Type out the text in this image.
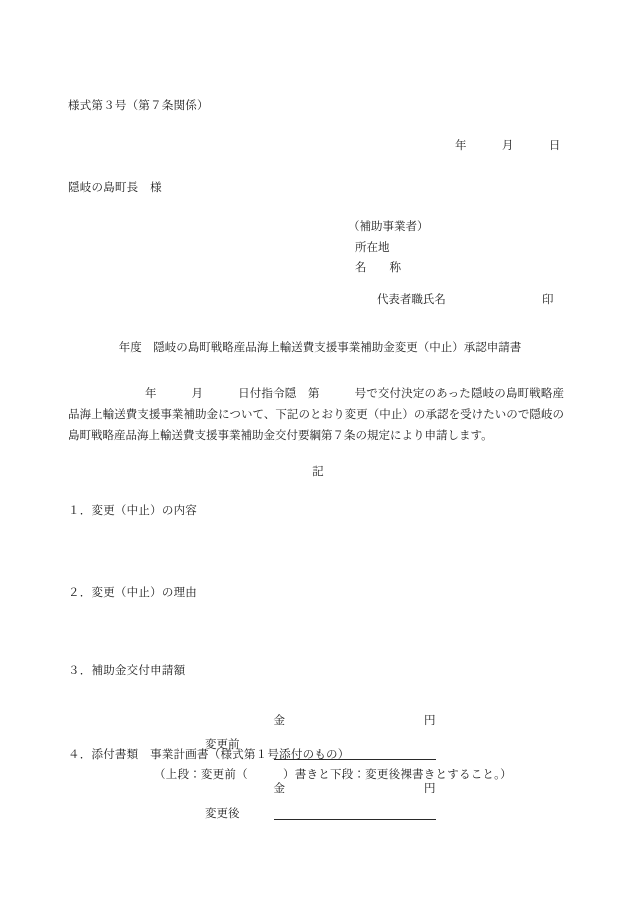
様式第３号（第７条関係）
年　　　月　　　日
隠岐の島町長　様
（補助事業者）
所在地
名　　称

代表者職氏名	印

年度　隠岐の島町戦略産品海上輸送費支援事業補助金変更（中止）承認申請書
　　　年　　　月　　　日付指令隠　第　　　号で交付決定のあった隠岐の島町戦略産品海上輸送費支援事業補助金について、下記のとおり変更（中止）の承認を受けたいので隠岐の島町戦略産品海上輸送費支援事業補助金交付要綱第７条の規定により申請します。
記
１．変更（中止）の内容
２．変更（中止）の理由
３．補助金交付申請額
変更前	金 円

変更後	金 円

４．添付書類　事業計画書（様式第１号添付のもの）
（上段：変更前（　　　）書きと下段：変更後裸書きとすること。）
